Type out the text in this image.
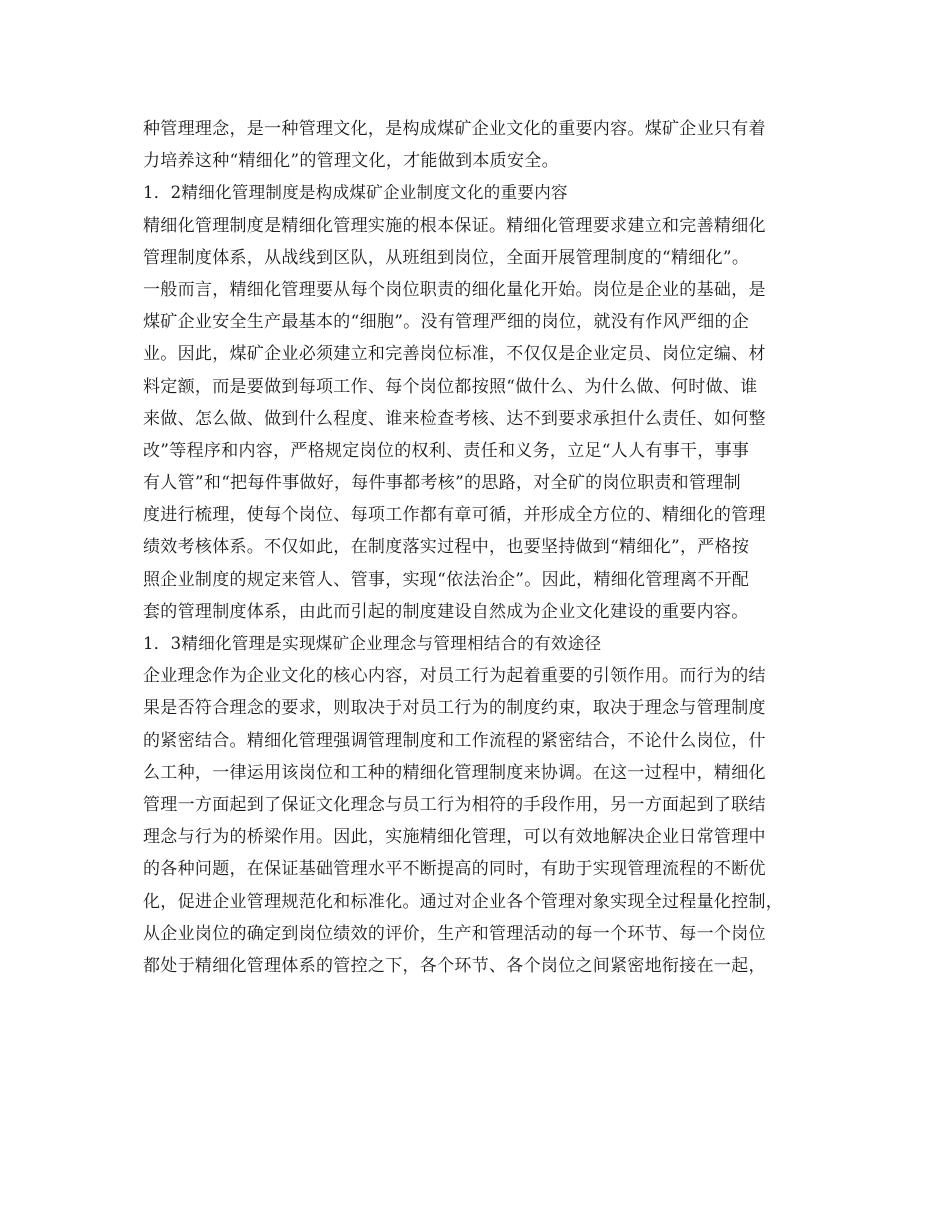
种管理理念，是一种管理文化，是构成煤矿企业文化的重要内容。煤矿企业只有着
力培养这种“精细化”的管理文化，才能做到本质安全。
1．2精细化管理制度是构成煤矿企业制度文化的重要内容
精细化管理制度是精细化管理实施的根本保证。精细化管理要求建立和完善精细化
管理制度体系，从战线到区队，从班组到岗位，全面开展管理制度的“精细化”。
一般而言，精细化管理要从每个岗位职责的细化量化开始。岗位是企业的基础，是
煤矿企业安全生产最基本的“细胞”。没有管理严细的岗位，就没有作风严细的企
业。因此，煤矿企业必须建立和完善岗位标准，不仅仅是企业定员、岗位定编、材
料定额，而是要做到每项工作、每个岗位都按照“做什么、为什么做、何时做、谁
来做、怎么做、做到什么程度、谁来检查考核、达不到要求承担什么责任、如何整
改”等程序和内容，严格规定岗位的权利、责任和义务，立足“人人有事干，事事
有人管”和“把每件事做好，每件事都考核”的思路，对全矿的岗位职责和管理制
度进行梳理，使每个岗位、每项工作都有章可循，并形成全方位的、精细化的管理
绩效考核体系。不仅如此，在制度落实过程中，也要坚持做到“精细化”，严格按
照企业制度的规定来管人、管事，实现“依法治企”。因此，精细化管理离不开配
套的管理制度体系，由此而引起的制度建设自然成为企业文化建设的重要内容。
1．3精细化管理是实现煤矿企业理念与管理相结合的有效途径
企业理念作为企业文化的核心内容，对员工行为起着重要的引领作用。而行为的结
果是否符合理念的要求，则取决于对员工行为的制度约束，取决于理念与管理制度
的紧密结合。精细化管理强调管理制度和工作流程的紧密结合，不论什么岗位，什
么工种，一律运用该岗位和工种的精细化管理制度来协调。在这一过程中，精细化
管理一方面起到了保证文化理念与员工行为相符的手段作用，另一方面起到了联结
理念与行为的桥梁作用。因此，实施精细化管理，可以有效地解决企业日常管理中
的各种问题，在保证基础管理水平不断提高的同时，有助于实现管理流程的不断优
化，促进企业管理规范化和标准化。通过对企业各个管理对象实现全过程量化控制，
从企业岗位的确定到岗位绩效的评价，生产和管理活动的每一个环节、每一个岗位
都处于精细化管理体系的管控之下，各个环节、各个岗位之间紧密地衔接在一起，
